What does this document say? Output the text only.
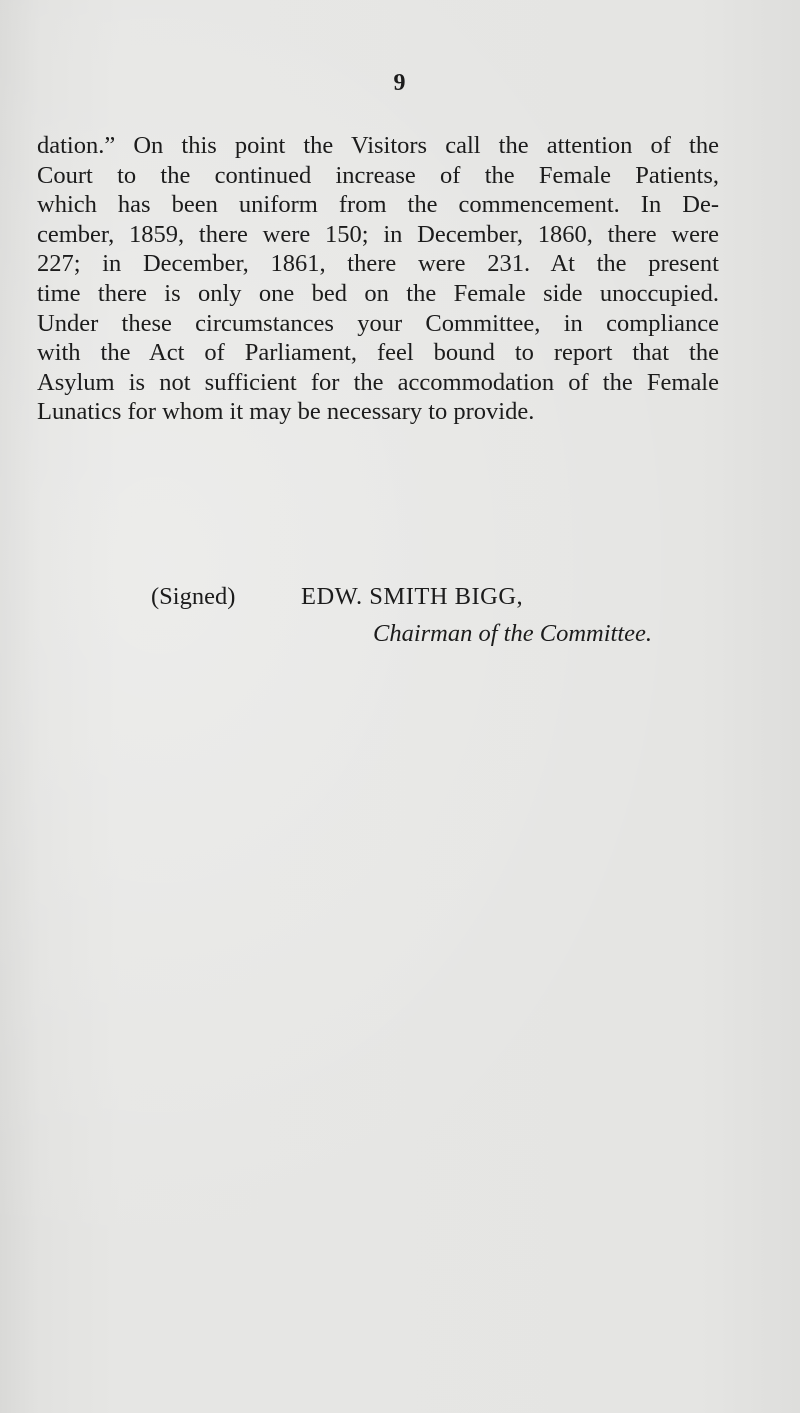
9
dation.” On this point the Visitors call the attention of the
Court to the continued increase of the Female Patients,
which has been uniform from the commencement. In De-
cember, 1859, there were 150; in December, 1860, there were
227; in December, 1861, there were 231. At the present
time there is only one bed on the Female side unoccupied.
Under these circumstances your Committee, in compliance
with the Act of Parliament, feel bound to report that the
Asylum is not sufficient for the accommodation of the Female
Lunatics for whom it may be necessary to provide.
(Signed)	EDW. SMITH BIGG,
Chairman of the Committee.
